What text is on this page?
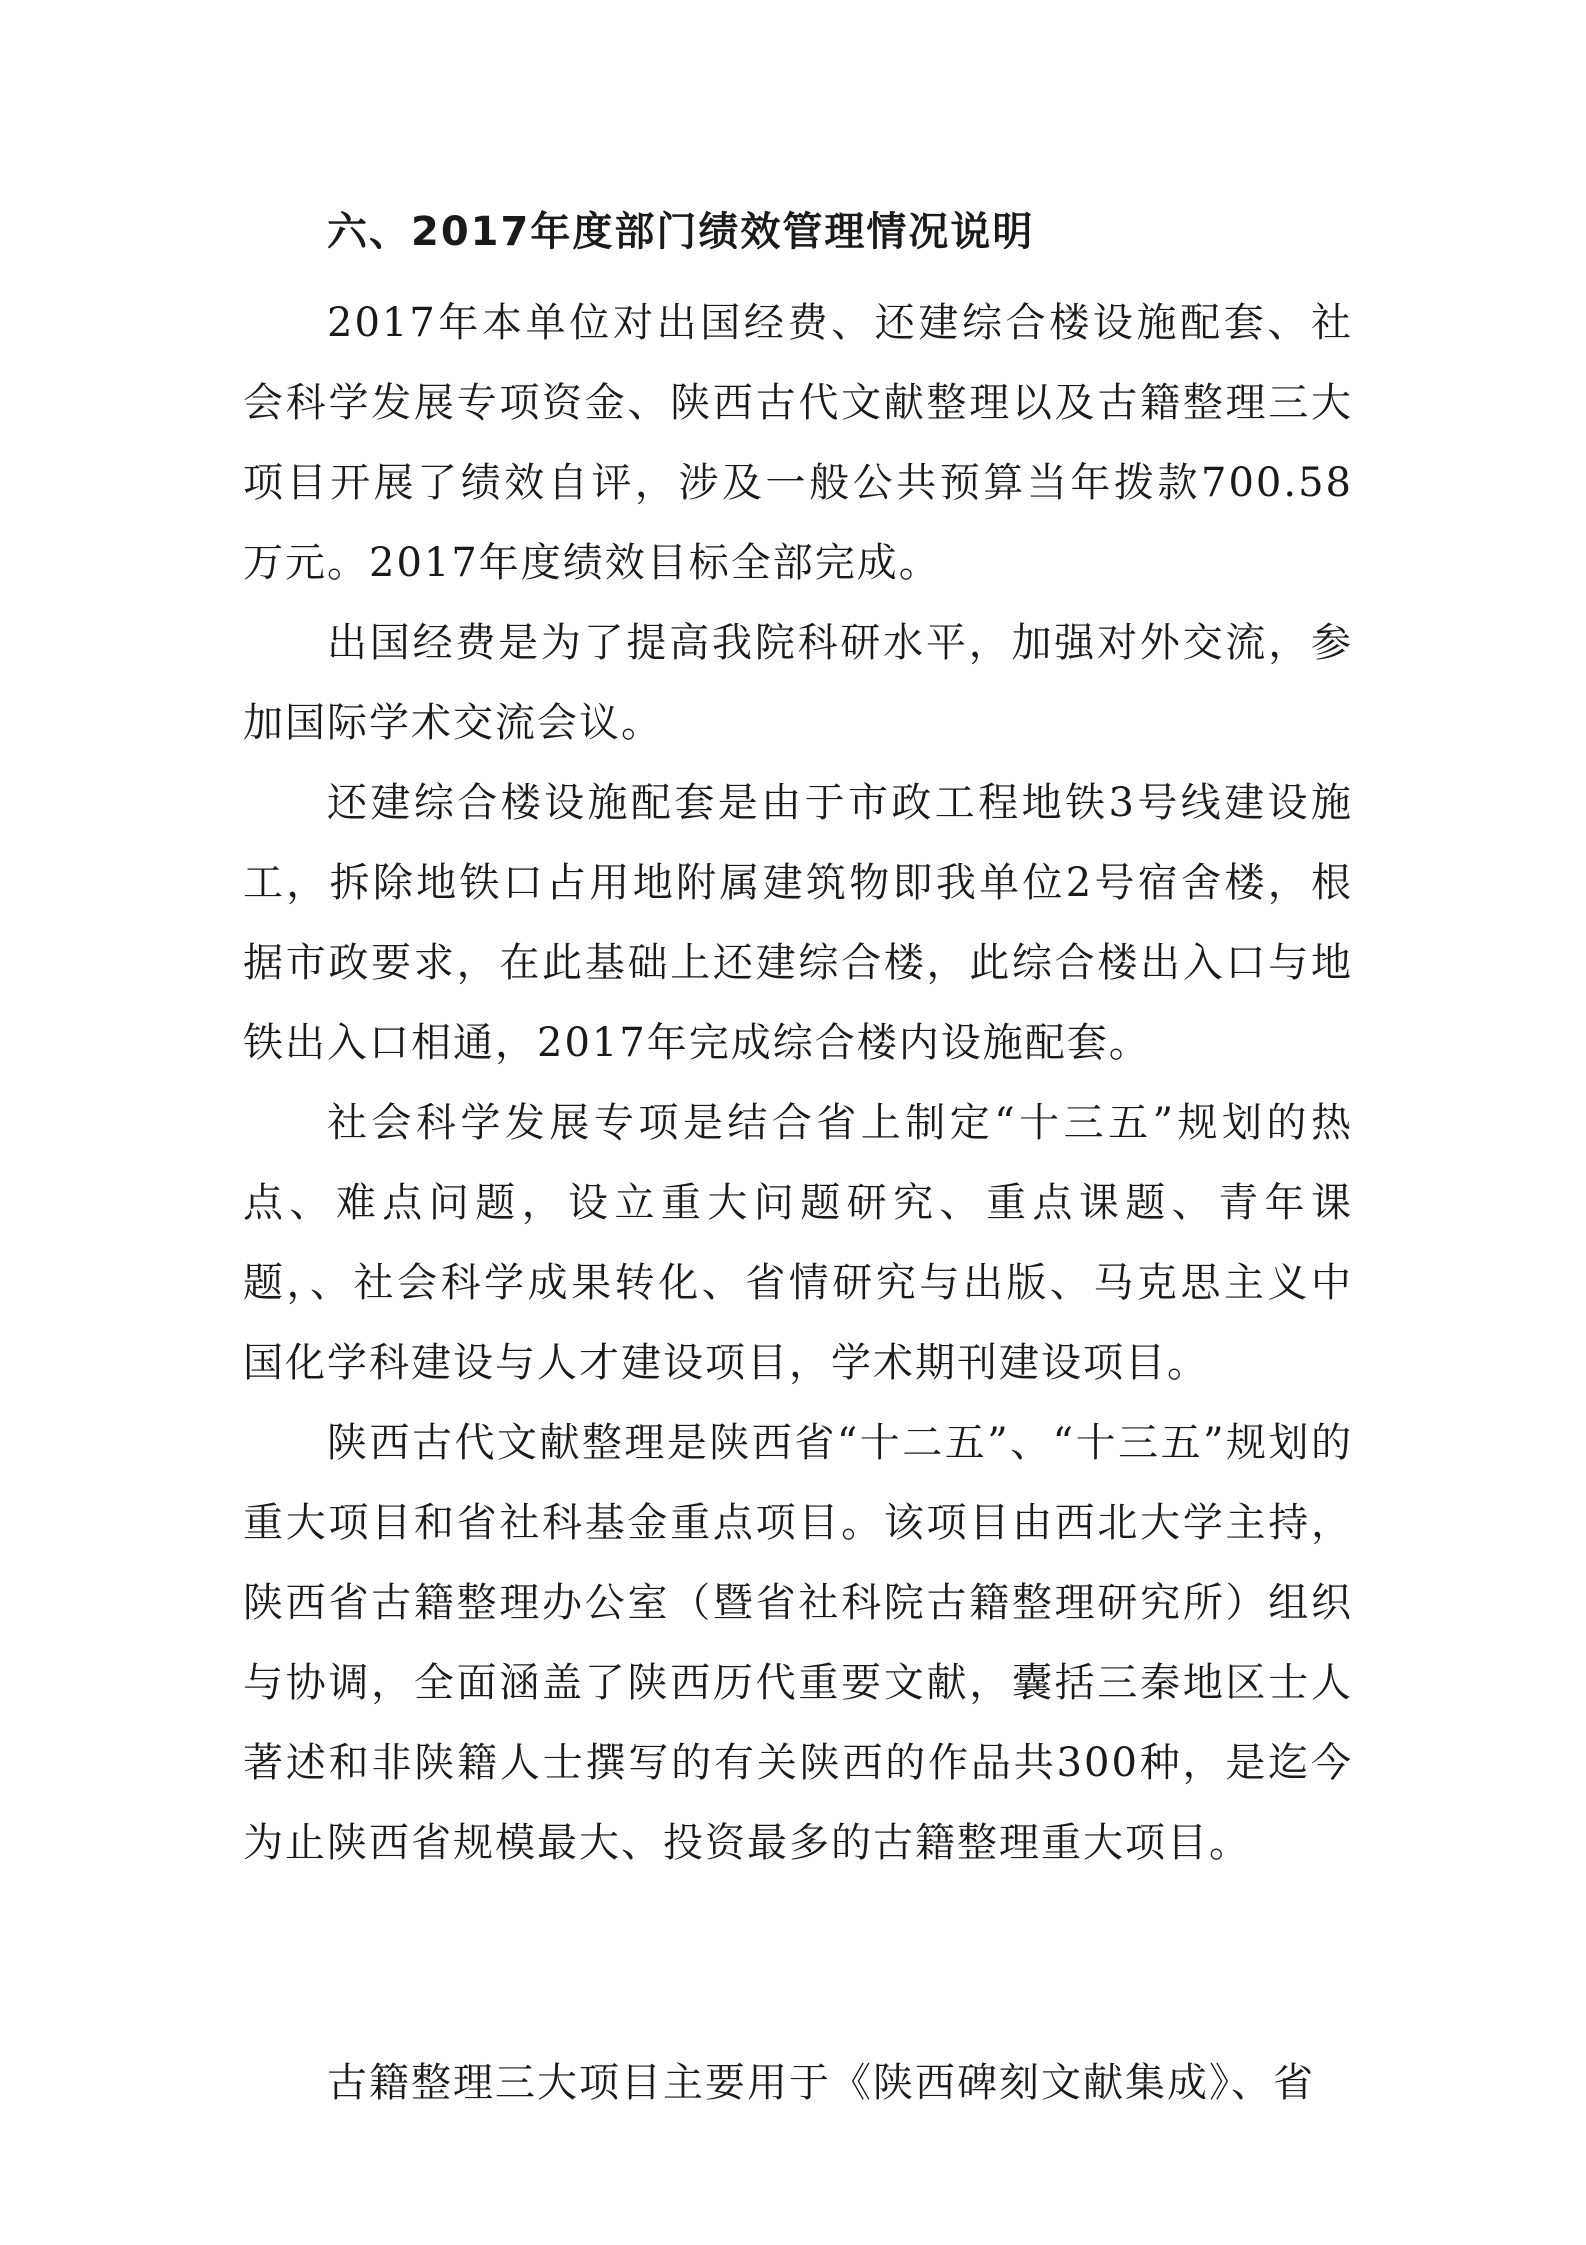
六、2017年度部门绩效管理情况说明

2017年本单位对出国经费、还建综合楼设施配套、社会科学发展专项资金、陕西古代文献整理以及古籍整理三大项目开展了绩效自评，涉及一般公共预算当年拨款700.58万元。2017年度绩效目标全部完成。

出国经费是为了提高我院科研水平，加强对外交流，参加国际学术交流会议。

还建综合楼设施配套是由于市政工程地铁3号线建设施工，拆除地铁口占用地附属建筑物即我单位2号宿舍楼，根据市政要求，在此基础上还建综合楼，此综合楼出入口与地铁出入口相通，2017年完成综合楼内设施配套。

社会科学发展专项是结合省上制定“十三五”规划的热点、难点问题，设立重大问题研究、重点课题、青年课题，、社会科学成果转化、省情研究与出版、马克思主义中国化学科建设与人才建设项目，学术期刊建设项目。

陕西古代文献整理是陕西省“十二五”、“十三五”规划的重大项目和省社科基金重点项目。该项目由西北大学主持，陕西省古籍整理办公室（暨省社科院古籍整理研究所）组织与协调，全面涵盖了陕西历代重要文献，囊括三秦地区士人著述和非陕籍人士撰写的有关陕西的作品共300种，是迄今为止陕西省规模最大、投资最多的古籍整理重大项目。

古籍整理三大项目主要用于《陕西碑刻文献集成》、省
